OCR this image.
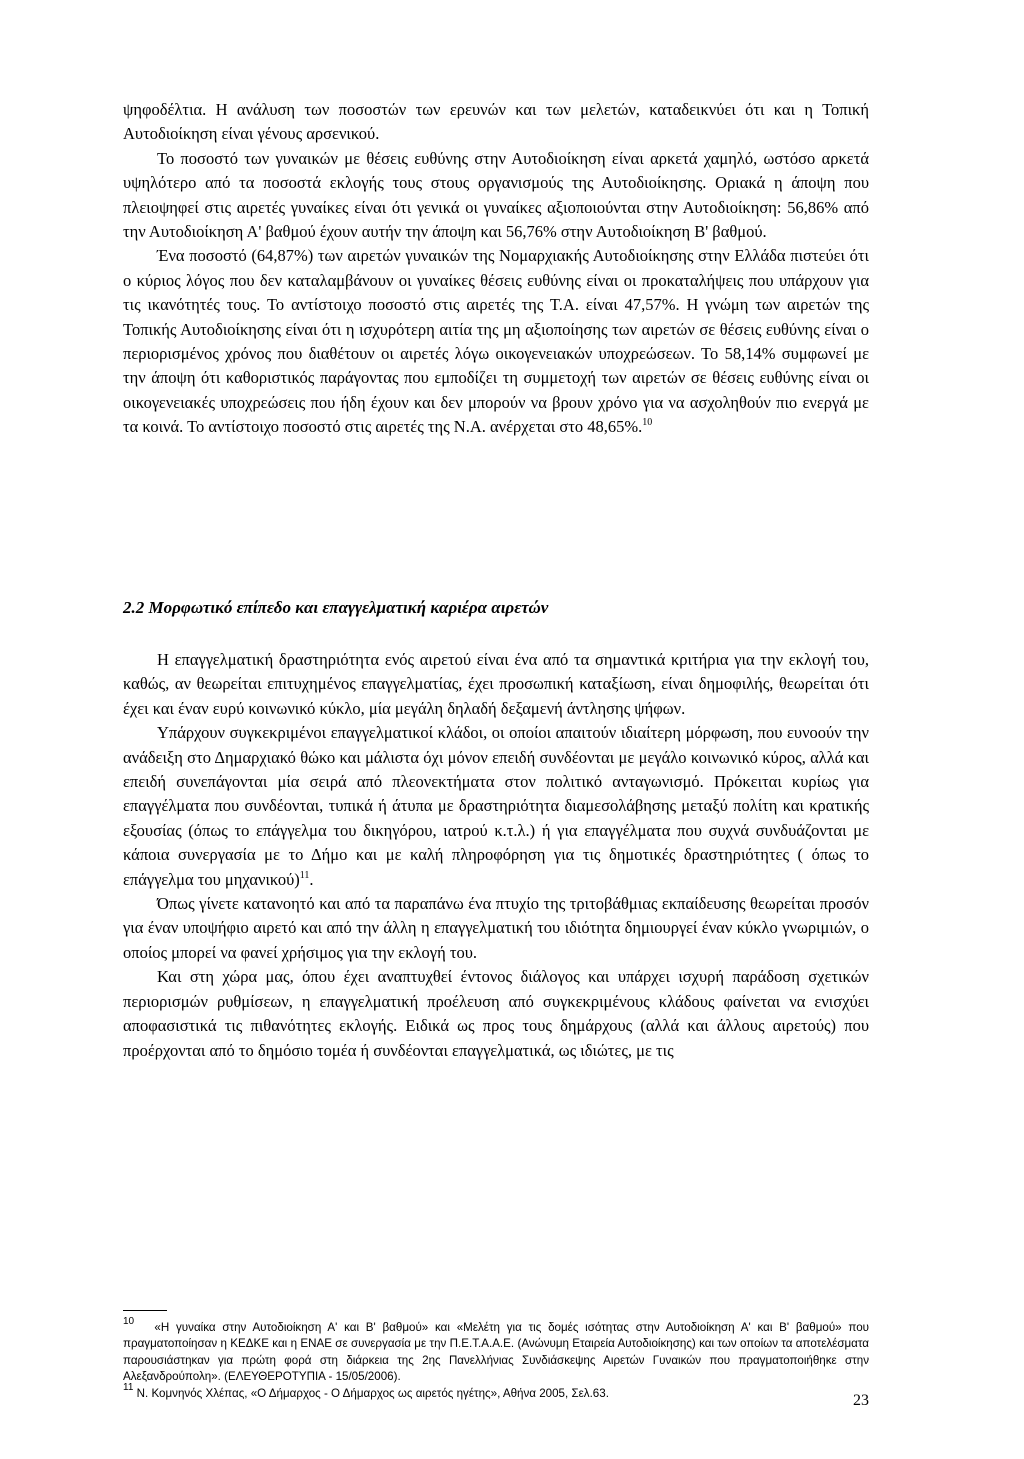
ψηφοδέλτια. Η ανάλυση των ποσοστών των ερευνών και των μελετών, καταδεικνύει ότι και η Τοπική Αυτοδιοίκηση είναι γένους αρσενικού.

Το ποσοστό των γυναικών με θέσεις ευθύνης στην Αυτοδιοίκηση είναι αρκετά χαμηλό, ωστόσο αρκετά υψηλότερο από τα ποσοστά εκλογής τους στους οργανισμούς της Αυτοδιοίκησης. Οριακά η άποψη που πλειοψηφεί στις αιρετές γυναίκες είναι ότι γενικά οι γυναίκες αξιοποιούνται στην Αυτοδιοίκηση: 56,86% από την Αυτοδιοίκηση Α' βαθμού έχουν αυτήν την άποψη και 56,76% στην Αυτοδιοίκηση Β' βαθμού.

Ένα ποσοστό (64,87%) των αιρετών γυναικών της Νομαρχιακής Αυτοδιοίκησης στην Ελλάδα πιστεύει ότι ο κύριος λόγος που δεν καταλαμβάνουν οι γυναίκες θέσεις ευθύνης είναι οι προκαταλήψεις που υπάρχουν για τις ικανότητές τους. Το αντίστοιχο ποσοστό στις αιρετές της Τ.Α. είναι 47,57%. Η γνώμη των αιρετών της Τοπικής Αυτοδιοίκησης είναι ότι η ισχυρότερη αιτία της μη αξιοποίησης των αιρετών σε θέσεις ευθύνης είναι ο περιορισμένος χρόνος που διαθέτουν οι αιρετές λόγω οικογενειακών υποχρεώσεων. Το 58,14% συμφωνεί με την άποψη ότι καθοριστικός παράγοντας που εμποδίζει τη συμμετοχή των αιρετών σε θέσεις ευθύνης είναι οι οικογενειακές υποχρεώσεις που ήδη έχουν και δεν μπορούν να βρουν χρόνο για να ασχοληθούν πιο ενεργά με τα κοινά. Το αντίστοιχο ποσοστό στις αιρετές της Ν.Α. ανέρχεται στο 48,65%.$^{10}$

2.2 Μορφωτικό επίπεδο και επαγγελματική καριέρα αιρετών

Η επαγγελματική δραστηριότητα ενός αιρετού είναι ένα από τα σημαντικά κριτήρια για την εκλογή του, καθώς, αν θεωρείται επιτυχημένος επαγγελματίας, έχει προσωπική καταξίωση, είναι δημοφιλής, θεωρείται ότι έχει και έναν ευρύ κοινωνικό κύκλο, μία μεγάλη δηλαδή δεξαμενή άντλησης ψήφων.

Υπάρχουν συγκεκριμένοι επαγγελματικοί κλάδοι, οι οποίοι απαιτούν ιδιαίτερη μόρφωση, που ευνοούν την ανάδειξη στο Δημαρχιακό θώκο και μάλιστα όχι μόνον επειδή συνδέονται με μεγάλο κοινωνικό κύρος, αλλά και επειδή συνεπάγονται μία σειρά από πλεονεκτήματα στον πολιτικό ανταγωνισμό. Πρόκειται κυρίως για επαγγέλματα που συνδέονται, τυπικά ή άτυπα με δραστηριότητα διαμεσολάβησης μεταξύ πολίτη και κρατικής εξουσίας (όπως το επάγγελμα του δικηγόρου, ιατρού κ.τ.λ.) ή για επαγγέλματα που συχνά συνδυάζονται με κάποια συνεργασία με το Δήμο και με καλή πληροφόρηση για τις δημοτικές δραστηριότητες ( όπως το επάγγελμα του μηχανικού)$^{11}$.

Όπως γίνετε κατανοητό και από τα παραπάνω ένα πτυχίο της τριτοβάθμιας εκπαίδευσης θεωρείται προσόν για έναν υποψήφιο αιρετό και από την άλλη η επαγγελματική του ιδιότητα δημιουργεί έναν κύκλο γνωριμιών, ο οποίος μπορεί να φανεί χρήσιμος για την εκλογή του.

Και στη χώρα μας, όπου έχει αναπτυχθεί έντονος διάλογος και υπάρχει ισχυρή παράδοση σχετικών περιορισμών ρυθμίσεων, η επαγγελματική προέλευση από συγκεκριμένους κλάδους φαίνεται να ενισχύει αποφασιστικά τις πιθανότητες εκλογής. Ειδικά ως προς τους δημάρχους (αλλά και άλλους αιρετούς) που προέρχονται από το δημόσιο τομέα ή συνδέονται επαγγελματικά, ως ιδιώτες, με τις

10 «Η γυναίκα στην Αυτοδιοίκηση Α' και Β' βαθμού» και «Μελέτη για τις δομές ισότητας στην Αυτοδιοίκηση Α' και Β' βαθμού» που πραγματοποίησαν η ΚΕΔΚΕ και η ΕΝΑΕ σε συνεργασία με την Π.Ε.Τ.Α.Α.Ε. (Ανώνυμη Εταιρεία Αυτοδιοίκησης) και των οποίων τα αποτελέσματα παρουσιάστηκαν για πρώτη φορά στη διάρκεια της 2ης Πανελλήνιας Συνδιάσκεψης Αιρετών Γυναικών που πραγματοποιήθηκε στην Αλεξανδρούπολη». (ΕΛΕΥΘΕΡΟΤΥΠΙΑ - 15/05/2006).

11 Ν. Κομνηνός Χλέπας, «Ο Δήμαρχος - Ο Δήμαρχος ως αιρετός ηγέτης», Αθήνα 2005, Σελ.63.	23
